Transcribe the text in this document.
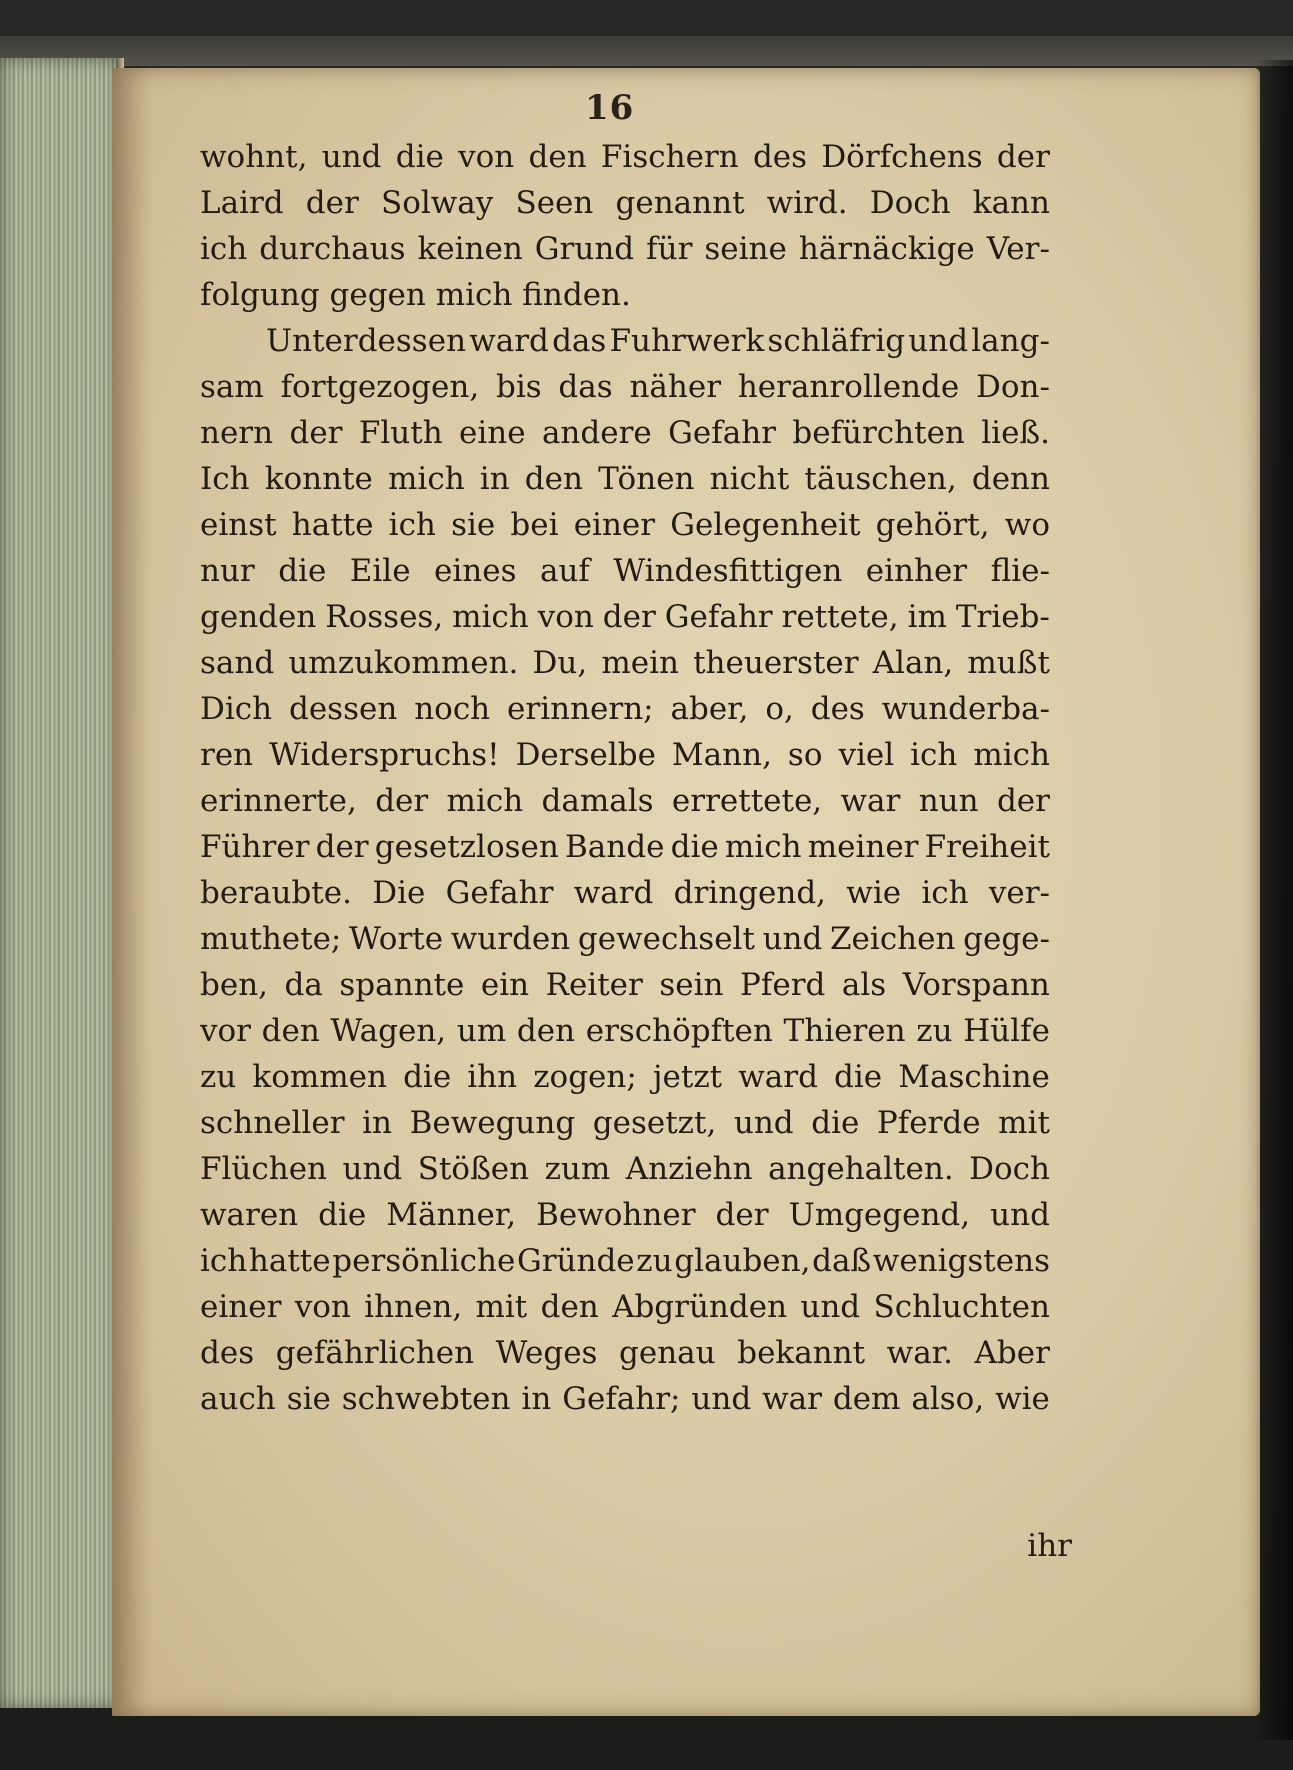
16
wohnt, und die von den Fischern des Dörfchens der
Laird der Solway Seen genannt wird. Doch kann
ich durchaus keinen Grund für seine härnäckige Ver-
folgung gegen mich finden.
Unterdessen ward das Fuhrwerk schläfrig und lang-
sam fortgezogen, bis das näher heranrollende Don-
nern der Fluth eine andere Gefahr befürchten ließ.
Ich konnte mich in den Tönen nicht täuschen, denn
einst hatte ich sie bei einer Gelegenheit gehört, wo
nur die Eile eines auf Windesfittigen einher flie-
genden Rosses, mich von der Gefahr rettete, im Trieb-
sand umzukommen. Du, mein theuerster Alan, mußt
Dich dessen noch erinnern; aber, o, des wunderba-
ren Widerspruchs! Derselbe Mann, so viel ich mich
erinnerte, der mich damals errettete, war nun der
Führer der gesetzlosen Bande die mich meiner Freiheit
beraubte. Die Gefahr ward dringend, wie ich ver-
muthete; Worte wurden gewechselt und Zeichen gege-
ben, da spannte ein Reiter sein Pferd als Vorspann
vor den Wagen, um den erschöpften Thieren zu Hülfe
zu kommen die ihn zogen; jetzt ward die Maschine
schneller in Bewegung gesetzt, und die Pferde mit
Flüchen und Stößen zum Anziehn angehalten. Doch
waren die Männer, Bewohner der Umgegend, und
ich hatte persönliche Gründe zu glauben, daß wenigstens
einer von ihnen, mit den Abgründen und Schluchten
des gefährlichen Weges genau bekannt war. Aber
auch sie schwebten in Gefahr; und war dem also, wie
ihr
